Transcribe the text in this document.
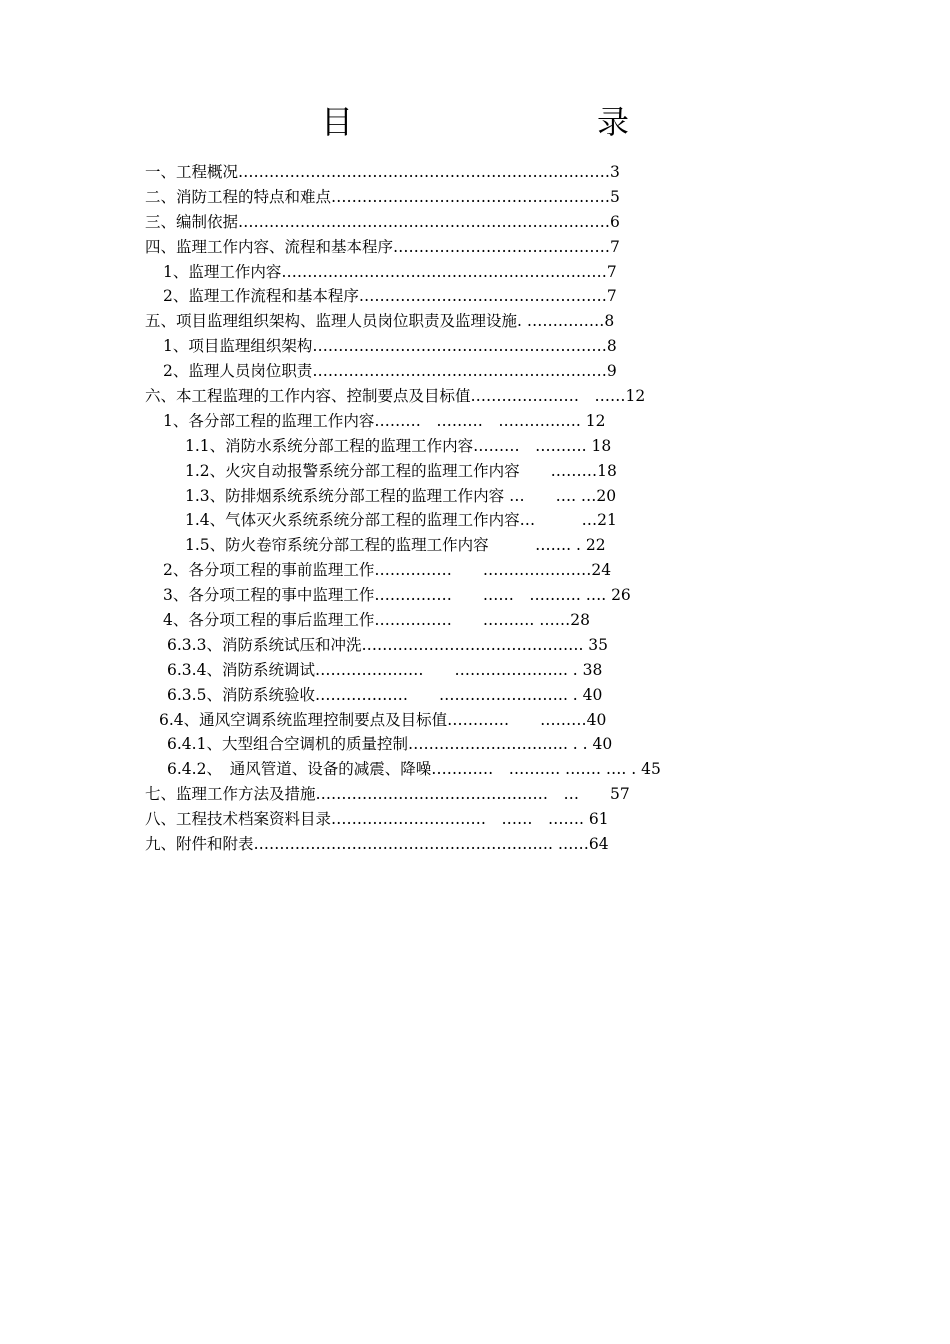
目　　录
一、工程概况………………………………………………………………3
二、消防工程的特点和难点………………………………………………5
三、编制依据………………………………………………………………6
四、监理工作内容、流程和基本程序……………………………………7
1、监理工作内容………………………………………………………7
2、监理工作流程和基本程序…………………………………………7
五、项目监理组织架构、监理人员岗位职责及监理设施. ……………8
1、项目监理组织架构…………………………………………………8
2、监理人员岗位职责…………………………………………………9
六、本工程监理的工作内容、控制要点及目标值…………………　……12
1、各分部工程的监理工作内容………　………　……………. 12
1.1、消防水系统分部工程的监理工作内容………　………. 18
1.2、火灾自动报警系统分部工程的监理工作内容　　………18
1.3、防排烟系统系统分部工程的监理工作内容 …　　…. …20
1.4、气体灭火系统系统分部工程的监理工作内容…　　　…21
1.5、防火卷帘系统分部工程的监理工作内容　　　……. . 22
2、各分项工程的事前监理工作……………　　…………………24
3、各分项工程的事中监理工作……………　　……　………. …. 26
4、各分项工程的事后监理工作……………　　………. ……28
6.3.3、消防系统试压和冲洗……………………………………. 35
6.3.4、消防系统调试…………………　　…………………. . 38
6.3.5、消防系统验收………………　　……………………. . 40
6.4、通风空调系统监理控制要点及目标值…………　　………40
6.4.1、大型组合空调机的质量控制…………………………. . . 40
6.4.2、　通风管道、设备的减震、降噪…………　………. ……. …. . 45
七、监理工作方法及措施………………………………………　…　　57
八、工程技术档案资料目录…………………………　……　……. 61
九、附件和附表…………………………………………………. ……64
